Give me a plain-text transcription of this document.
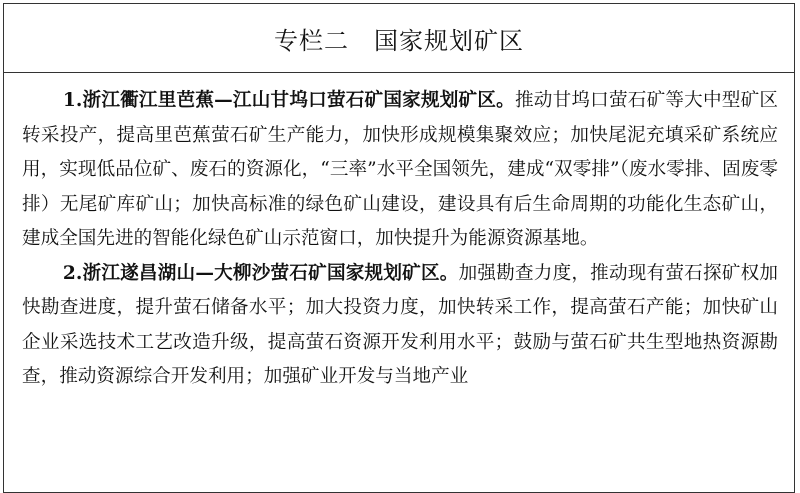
专栏二　国家规划矿区

1.浙江衢江里芭蕉—江山甘坞口萤石矿国家规划矿区。推动甘坞口萤石矿等大中型矿区转采投产，提高里芭蕉萤石矿生产能力，加快形成规模集聚效应；加快尾泥充填采矿系统应用，实现低品位矿、废石的资源化，“三率”水平全国领先，建成“双零排”（废水零排、固废零排）无尾矿库矿山；加快高标准的绿色矿山建设，建设具有后生命周期的功能化生态矿山，建成全国先进的智能化绿色矿山示范窗口，加快提升为能源资源基地。

2.浙江遂昌湖山—大柳沙萤石矿国家规划矿区。加强勘查力度，推动现有萤石探矿权加快勘查进度，提升萤石储备水平；加大投资力度，加快转采工作，提高萤石产能；加快矿山企业采选技术工艺改造升级，提高萤石资源开发利用水平；鼓励与萤石矿共生型地热资源勘查，推动资源综合开发利用；加强矿业开发与当地产业
